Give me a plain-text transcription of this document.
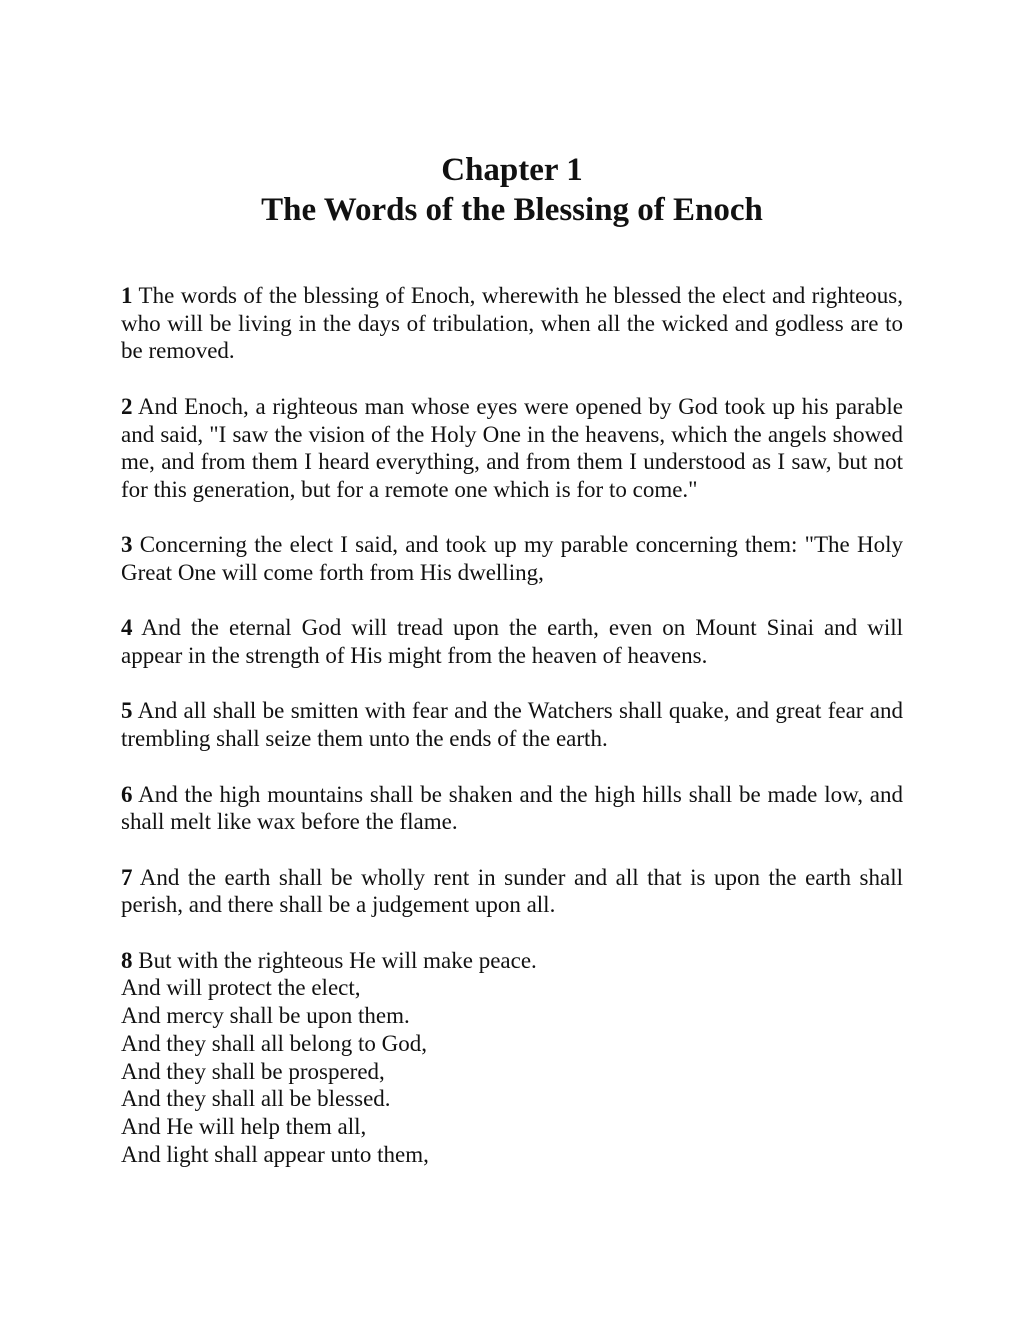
Chapter 1
The Words of the Blessing of Enoch

1 The words of the blessing of Enoch, wherewith he blessed the elect and righteous, who will be living in the days of tribulation, when all the wicked and godless are to be removed.

2 And Enoch, a righteous man whose eyes were opened by God took up his parable and said, "I saw the vision of the Holy One in the heavens, which the angels showed me, and from them I heard everything, and from them I understood as I saw, but not for this generation, but for a remote one which is for to come."

3 Concerning the elect I said, and took up my parable concerning them: "The Holy Great One will come forth from His dwelling,

4 And the eternal God will tread upon the earth, even on Mount Sinai and will appear in the strength of His might from the heaven of heavens.

5 And all shall be smitten with fear and the Watchers shall quake, and great fear and trembling shall seize them unto the ends of the earth.

6 And the high mountains shall be shaken and the high hills shall be made low, and shall melt like wax before the flame.

7 And the earth shall be wholly rent in sunder and all that is upon the earth shall perish, and there shall be a judgement upon all.

8 But with the righteous He will make peace.
And will protect the elect,
And mercy shall be upon them.
And they shall all belong to God,
And they shall be prospered,
And they shall all be blessed.
And He will help them all,
And light shall appear unto them,
